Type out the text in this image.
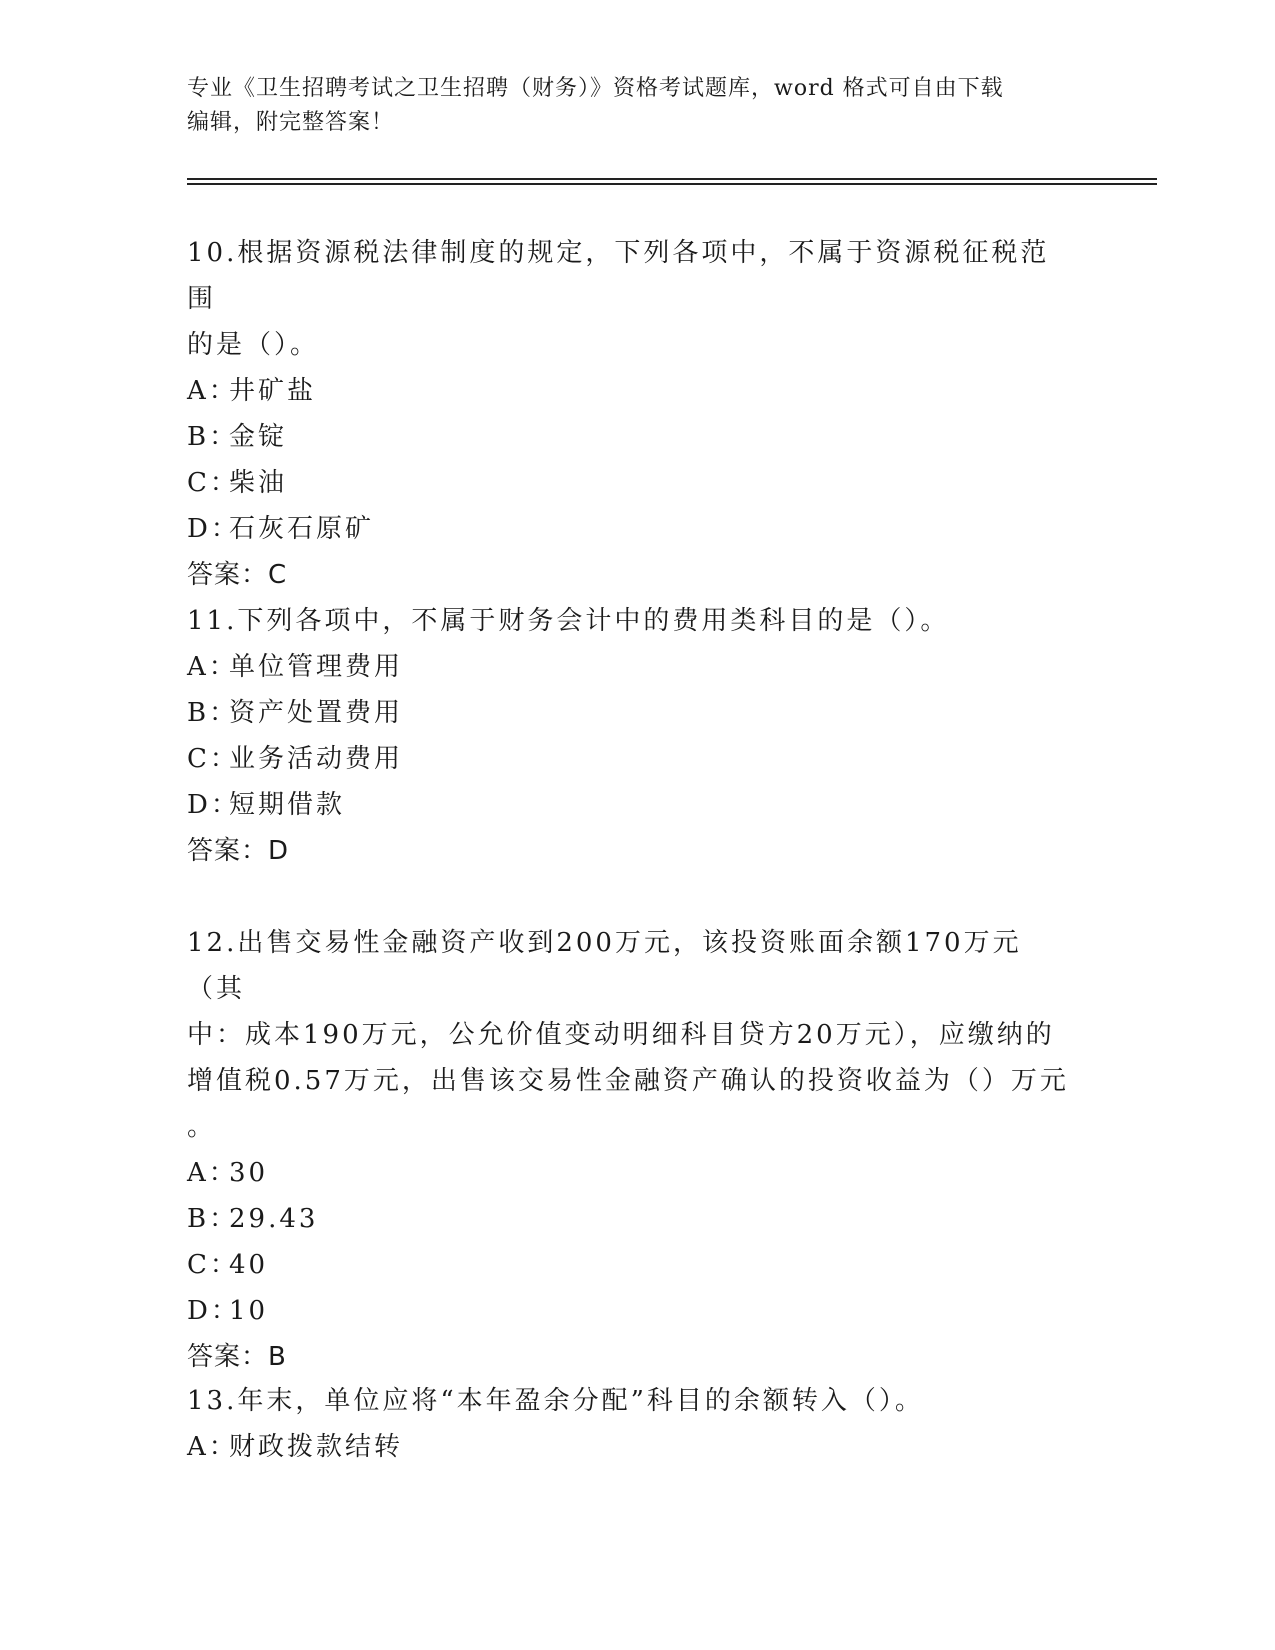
专业《卫生招聘考试之卫生招聘（财务）》资格考试题库，word 格式可自由下载
编辑，附完整答案！
10.根据资源税法律制度的规定，下列各项中，不属于资源税征税范围
的是（）。
A：
井矿盐
B：
金锭
C：
柴油
D：
石灰石原矿
答案：C
11.下列各项中，不属于财务会计中的费用类科目的是（）。
A：
单位管理费用
B：
资产处置费用
C：
业务活动费用
D：
短期借款
答案：D
12.出售交易性金融资产收到200万元，该投资账面余额170万元（其
中：成本190万元，公允价值变动明细科目贷方20万元），应缴纳的
增值税0.57万元，出售该交易性金融资产确认的投资收益为（）万元
。
A：
30
B：
29.43
C：
40
D：
10
答案：B
13.年末，单位应将“本年盈余分配”科目的余额转入（）。
A：
财政拨款结转
